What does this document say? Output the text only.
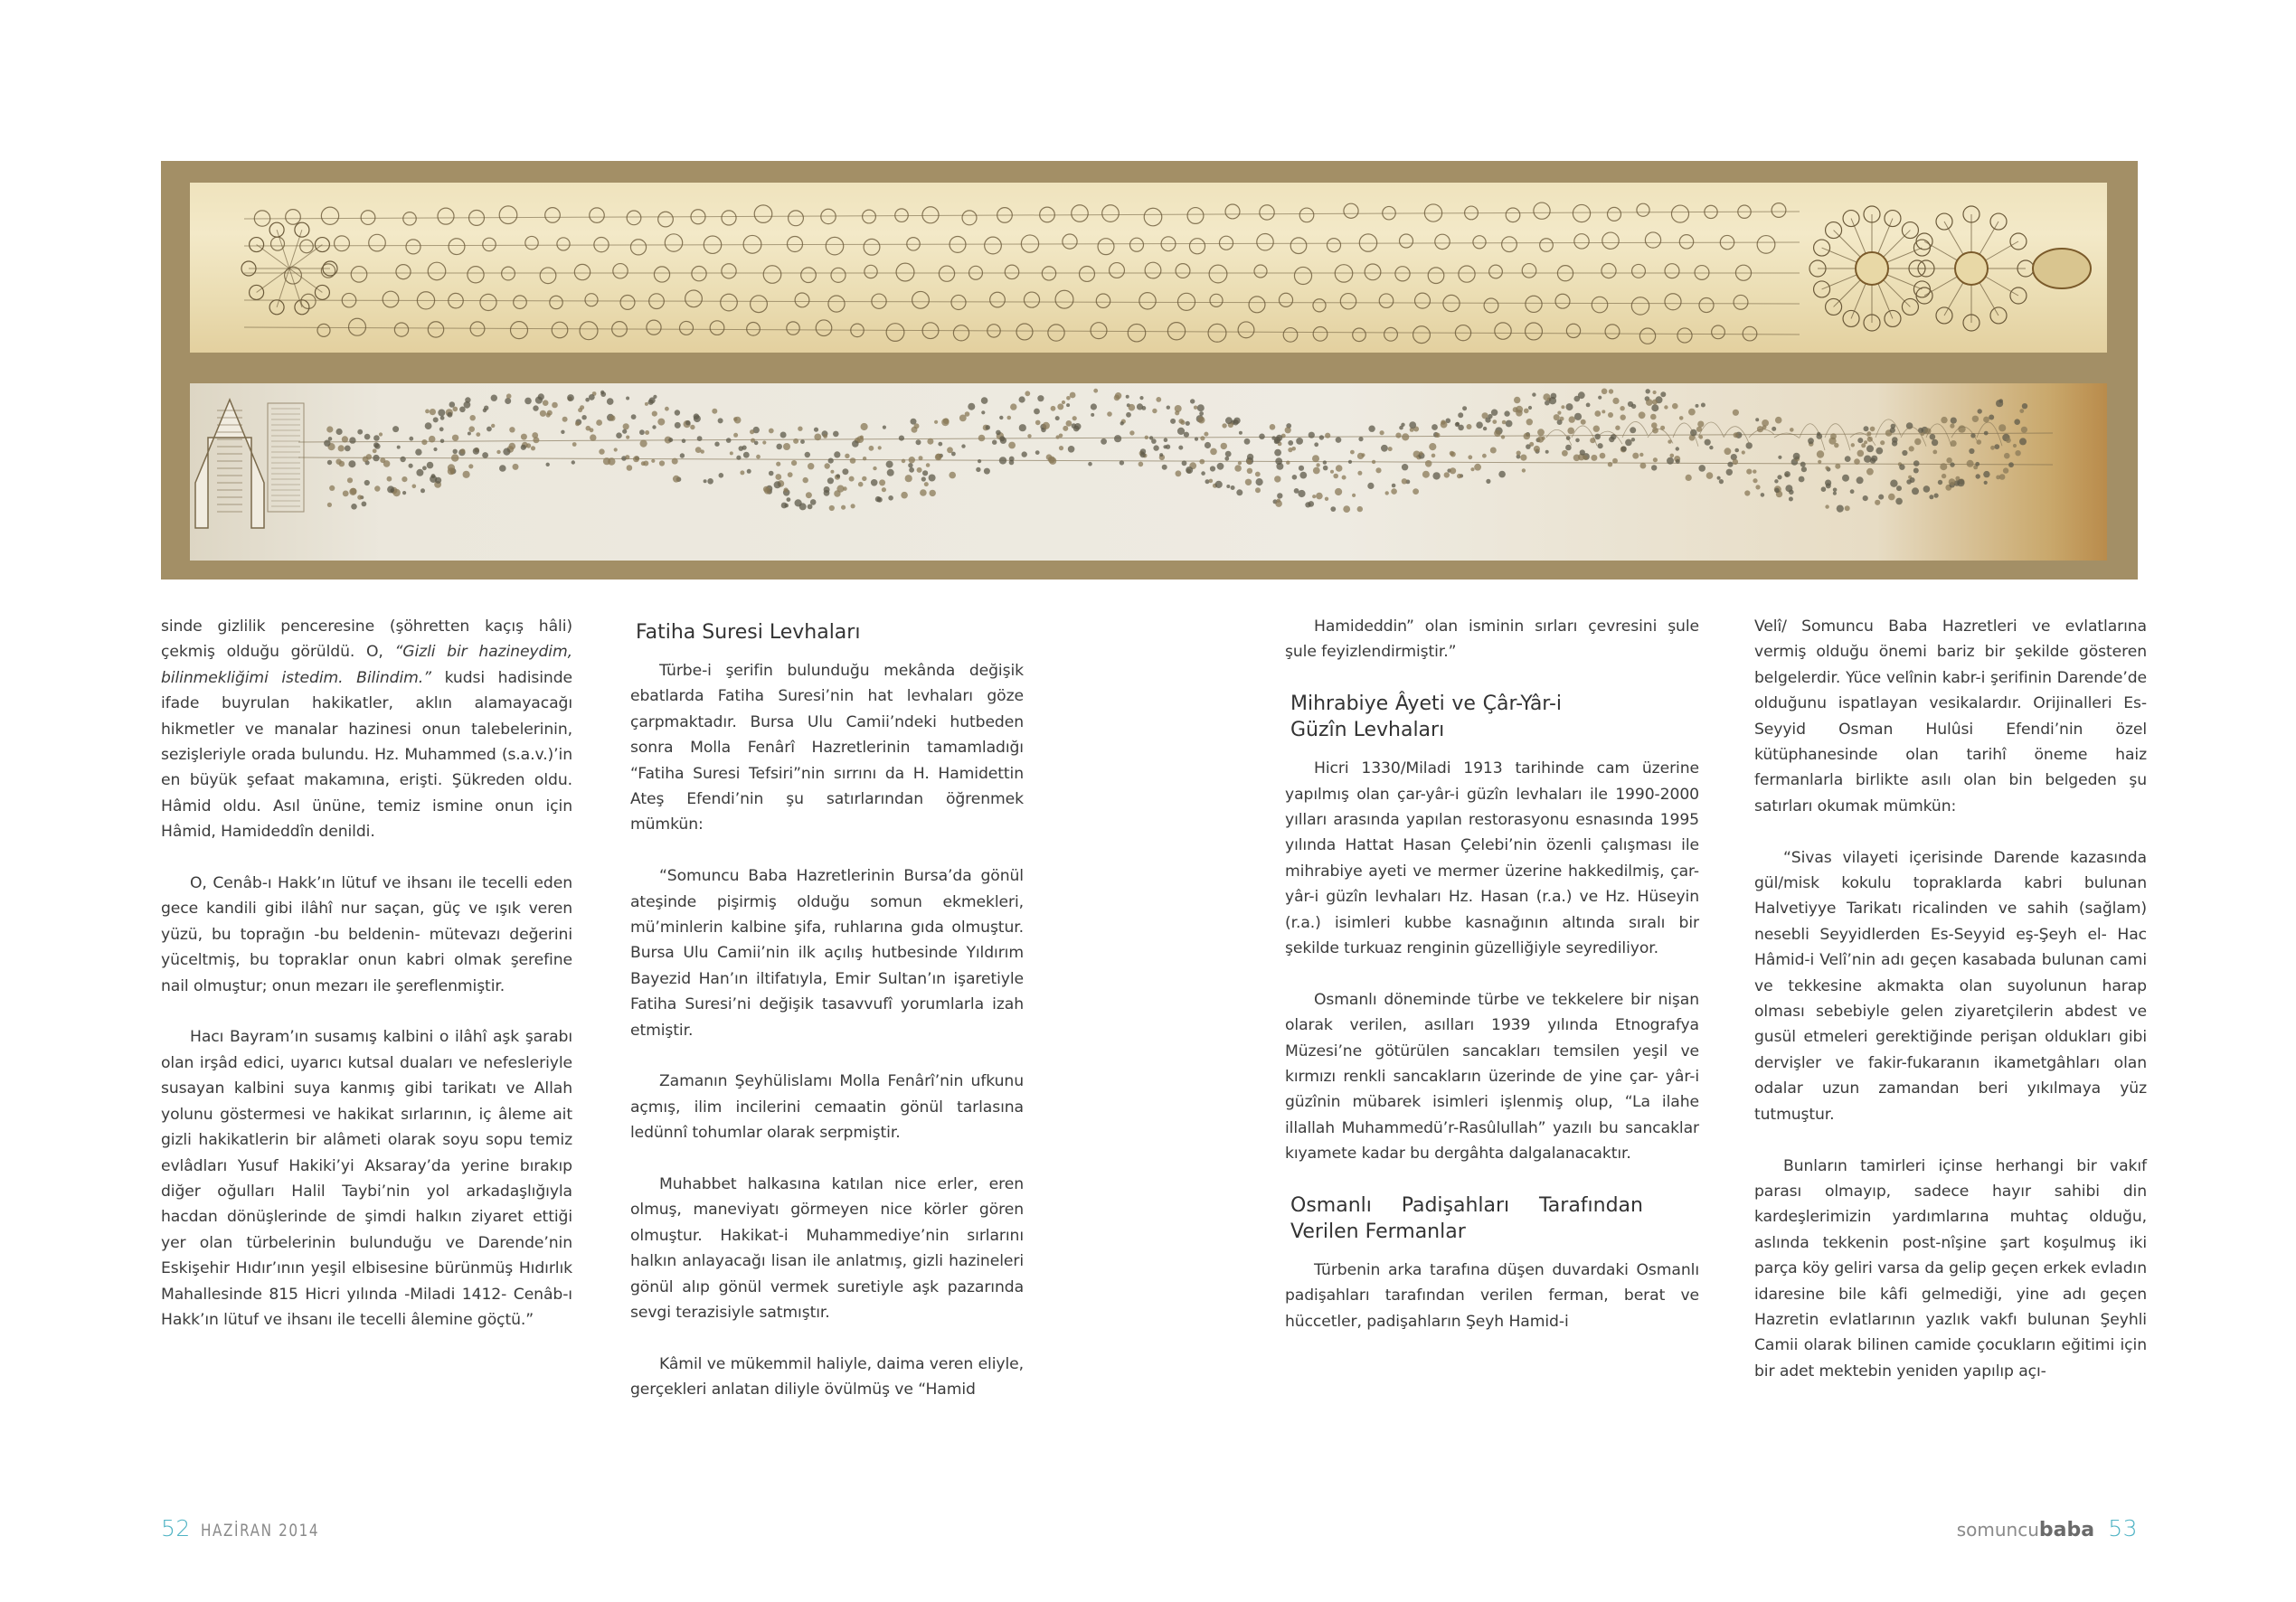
sinde gizlilik penceresine (şöhretten kaçış hâli) çekmiş olduğu görüldü. O, “Gizli bir hazineydim, bilinmekliğimi istedim. Bilindim.” kudsi hadisinde ifade buyrulan hakikatler, aklın alamayacağı hikmetler ve manalar hazinesi onun talebelerinin, sezişleriyle orada bulundu. Hz. Muhammed (s.a.v.)’in en büyük şefaat makamına, erişti. Şükreden oldu. Hâmid oldu. Asıl ününe, temiz ismine onun için Hâmid, Hamideddîn denildi.

O, Cenâb-ı Hakk’ın lütuf ve ihsanı ile tecelli eden gece kandili gibi ilâhî nur saçan, güç ve ışık veren yüzü, bu toprağın -bu beldenin- mütevazı değerini yüceltmiş, bu topraklar onun kabri olmak şerefine nail olmuştur; onun mezarı ile şereflenmiştir.

Hacı Bayram’ın susamış kalbini o ilâhî aşk şarabı olan irşâd edici, uyarıcı kutsal duaları ve nefesleriyle susayan kalbini suya kanmış gibi tarikatı ve Allah yolunu göstermesi ve hakikat sırlarının, iç âleme ait gizli hakikatlerin bir alâmeti olarak soyu sopu temiz evlâdları Yusuf Hakiki’yi Aksaray’da yerine bırakıp diğer oğulları Halil Taybi’nin yol arkadaşlığıyla hacdan dönüşlerinde de şimdi halkın ziyaret ettiği yer olan türbelerinin bulunduğu ve Darende’nin Eskişehir Hıdır’ının yeşil elbisesine bürünmüş Hıdırlık Mahallesinde 815 Hicri yılında -Miladi 1412- Cenâb-ı Hakk’ın lütuf ve ihsanı ile tecelli âlemine göçtü.”

Fatiha Suresi Levhaları

Türbe-i şerifin bulunduğu mekânda değişik ebatlarda Fatiha Suresi’nin hat levhaları göze çarpmaktadır. Bursa Ulu Camii’ndeki hutbeden sonra Molla Fenârî Hazretlerinin tamamladığı “Fatiha Suresi Tefsiri”nin sırrını da H. Hamidettin Ateş Efendi’nin şu satırlarından öğrenmek mümkün:

“Somuncu Baba Hazretlerinin Bursa’da gönül ateşinde pişirmiş olduğu somun ekmekleri, mü’minlerin kalbine şifa, ruhlarına gıda olmuştur. Bursa Ulu Camii’nin ilk açılış hutbesinde Yıldırım Bayezid Han’ın iltifatıyla, Emir Sultan’ın işaretiyle Fatiha Suresi’ni değişik tasavvufî yorumlarla izah etmiştir.

Zamanın Şeyhülislamı Molla Fenârî’nin ufkunu açmış, ilim incilerini cemaatin gönül tarlasına ledünnî tohumlar olarak serpmiştir.

Muhabbet halkasına katılan nice erler, eren olmuş, maneviyatı görmeyen nice körler gören olmuştur. Hakikat-i Muhammediye’nin sırlarını halkın anlayacağı lisan ile anlatmış, gizli hazineleri gönül alıp gönül vermek suretiyle aşk pazarında sevgi terazisiyle satmıştır.

Kâmil ve mükemmil haliyle, daima veren eliyle, gerçekleri anlatan diliyle övülmüş ve “Hamid

Hamideddin” olan isminin sırları çevresini şule şule feyizlendirmiştir.”

Mihrabiye Âyeti ve Çâr-Yâr-i Güzîn Levhaları

Hicri 1330/Miladi 1913 tarihinde cam üzerine yapılmış olan çar-yâr-i güzîn levhaları ile 1990-2000 yılları arasında yapılan restorasyonu esnasında 1995 yılında Hattat Hasan Çelebi’nin özenli çalışması ile mihrabiye ayeti ve mermer üzerine hakkedilmiş, çar- yâr-i güzîn levhaları Hz. Hasan (r.a.) ve Hz. Hüseyin (r.a.) isimleri kubbe kasnağının altında sıralı bir şekilde turkuaz renginin güzelliğiyle seyrediliyor.

Osmanlı döneminde türbe ve tekkelere bir nişan olarak verilen, asılları 1939 yılında Etnografya Müzesi’ne götürülen sancakları temsilen yeşil ve kırmızı renkli sancakların üzerinde de yine çar- yâr-i güzînin mübarek isimleri işlenmiş olup, “La ilahe illallah Muhammedü’r-Rasûlullah” yazılı bu sancaklar kıyamete kadar bu dergâhta dalgalanacaktır.

Osmanlı Padişahları Tarafından Verilen Fermanlar

Türbenin arka tarafına düşen duvardaki Osmanlı padişahları tarafından verilen ferman, berat ve hüccetler, padişahların Şeyh Hamid-i

Velî/ Somuncu Baba Hazretleri ve evlatlarına vermiş olduğu önemi bariz bir şekilde gösteren belgelerdir. Yüce velînin kabr-i şerifinin Darende’de olduğunu ispatlayan vesikalardır. Orijinalleri Es-Seyyid Osman Hulûsi Efendi’nin özel kütüphanesinde olan tarihî öneme haiz fermanlarla birlikte asılı olan bin belgeden şu satırları okumak mümkün:

“Sivas vilayeti içerisinde Darende kazasında gül/misk kokulu topraklarda kabri bulunan Halvetiyye Tarikatı ricalinden ve sahih (sağlam) nesebli Seyyidlerden Es-Seyyid eş-Şeyh el- Hac Hâmid-i Velî’nin adı geçen kasabada bulunan cami ve tekkesine akmakta olan suyolunun harap olması sebebiyle gelen ziyaretçilerin abdest ve gusül etmeleri gerektiğinde perişan oldukları gibi dervişler ve fakir-fukaranın ikametgâhları olan odalar uzun zamandan beri yıkılmaya yüz tutmuştur.

Bunların tamirleri içinse herhangi bir vakıf parası olmayıp, sadece hayır sahibi din kardeşlerimizin yardımlarına muhtaç olduğu, aslında tekkenin post-nîşine şart koşulmuş iki parça köy geliri varsa da gelip geçen erkek evladın idaresine bile kâfi gelmediği, yine adı geçen Hazretin evlatlarının yazlık vakfı bulunan Şeyhli Camii olarak bilinen camide çocukların eğitimi için bir adet mektebin yeniden yapılıp açı-

52 HAZİRAN 2014	somuncubaba 53
